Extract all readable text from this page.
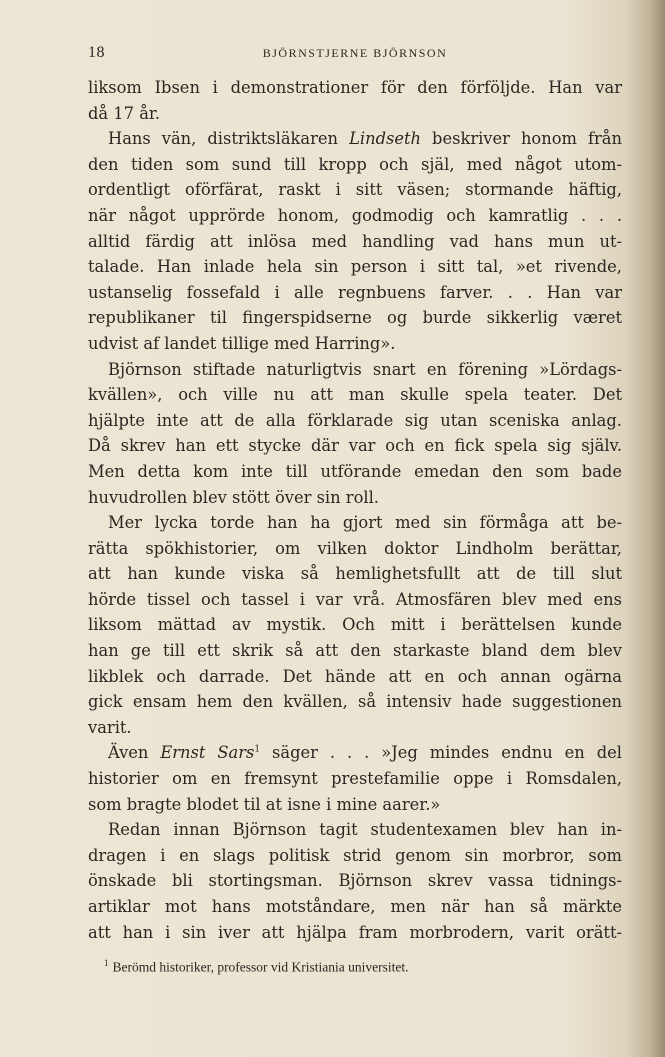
18	BJÖRNSTJERNE BJÖRNSON
liksom Ibsen i demonstrationer för den förföljde. Han var
då 17 år.
Hans vän, distriktsläkaren Lindseth beskriver honom från
den tiden som sund till kropp och själ, med något utom-
ordentligt oförfärat, raskt i sitt väsen; stormande häftig,
när något upprörde honom, godmodig och kamratlig . . .
alltid färdig att inlösa med handling vad hans mun ut-
talade. Han inlade hela sin person i sitt tal, »et rivende,
ustanselig fossefald i alle regnbuens farver. . . Han var
republikaner til fingerspidserne og burde sikkerlig været
udvist af landet tillige med Harring».
Björnson stiftade naturligtvis snart en förening »Lördags-
kvällen», och ville nu att man skulle spela teater. Det
hjälpte inte att de alla förklarade sig utan sceniska anlag.
Då skrev han ett stycke där var och en fick spela sig själv.
Men detta kom inte till utförande emedan den som bade
huvudrollen blev stött över sin roll.
Mer lycka torde han ha gjort med sin förmåga att be-
rätta spökhistorier, om vilken doktor Lindholm berättar,
att han kunde viska så hemlighetsfullt att de till slut
hörde tissel och tassel i var vrå. Atmosfären blev med ens
liksom mättad av mystik. Och mitt i berättelsen kunde
han ge till ett skrik så att den starkaste bland dem blev
likblek och darrade. Det hände att en och annan ogärna
gick ensam hem den kvällen, så intensiv hade suggestionen
varit.
Även Ernst Sars$^1$ säger . . . »Jeg mindes endnu en del
historier om en fremsynt prestefamilie oppe i Romsdalen,
som bragte blodet til at isne i mine aarer.»
Redan innan Björnson tagit studentexamen blev han in-
dragen i en slags politisk strid genom sin morbror, som
önskade bli stortingsman. Björnson skrev vassa tidnings-
artiklar mot hans motståndare, men när han så märkte
att han i sin iver att hjälpa fram morbrodern, varit orätt-
$^1$ Berömd historiker, professor vid Kristiania universitet.
